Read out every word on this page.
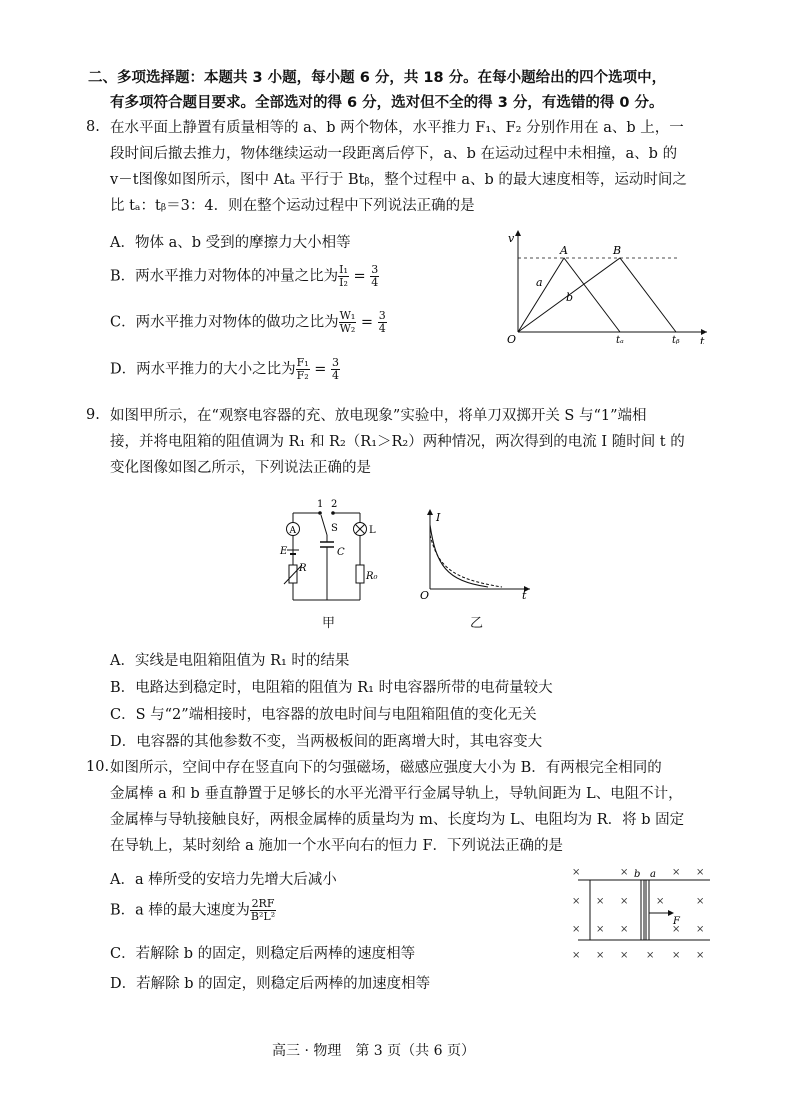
二、多项选择题：本题共 3 小题，每小题 6 分，共 18 分。在每小题给出的四个选项中，
有多项符合题目要求。全部选对的得 6 分，选对但不全的得 3 分，有选错的得 0 分。
8. 在水平面上静置有质量相等的 a、b 两个物体，水平推力 F₁、F₂ 分别作用在 a、b 上，一
段时间后撤去推力，物体继续运动一段距离后停下，a、b 在运动过程中未相撞，a、b 的
v－t图像如图所示，图中 Atₐ 平行于 Btᵦ，整个过程中 a、b 的最大速度相等，运动时间之
比 tₐ：tᵦ＝3：4．则在整个运动过程中下列说法正确的是
A．物体 a、b 受到的摩擦力大小相等
B．两水平推力对物体的冲量之比为 $\frac{\text{I₁}}{\text{I₂}} = \frac{3}{4}$
C．两水平推力对物体的做功之比为 $\frac{\text{W₁}}{\text{W₂}} = \frac{3}{4}$
D．两水平推力的大小之比为 $\frac{\text{F₁}}{\text{F₂}} = \frac{3}{4}$
v
t
O
A	B
a
b
tₐ	tᵦ
9. 如图甲所示，在“观察电容器的充、放电现象”实验中，将单刀双掷开关 S 与“1”端相
接，并将电阻箱的阻值调为 R₁ 和 R₂（R₁＞R₂）两种情况，两次得到的电流 I 随时间 t 的
变化图像如图乙所示，下列说法正确的是
A
1 2
S	L
E	C
R
R₀
甲
I
t
O
乙
A．实线是电阻箱阻值为 R₁ 时的结果
B．电路达到稳定时，电阻箱的阻值为 R₁ 时电容器所带的电荷量较大
C．S 与“2”端相接时，电容器的放电时间与电阻箱阻值的变化无关
D．电容器的其他参数不变，当两极板间的距离增大时，其电容变大
10. 如图所示，空间中存在竖直向下的匀强磁场，磁感应强度大小为 B．有两根完全相同的
金属棒 a 和 b 垂直静置于足够长的水平光滑平行金属导轨上，导轨间距为 L、电阻不计，
金属棒与导轨接触良好，两根金属棒的质量均为 m、长度均为 L、电阻均为 R．将 b 固定
在导轨上，某时刻给 a 施加一个水平向右的恒力 F．下列说法正确的是
A．a 棒所受的安培力先增大后减小
B．a 棒的最大速度为 $\frac{2RF}{\text{B²L²}}$
C．若解除 b 的固定，则稳定后两棒的速度相等
D．若解除 b 的固定，则稳定后两棒的加速度相等
F
b a
×	×	× ×
× × ×	×	×
× × ×	× ×
× × × × × ×
高三 · 物理　第 3 页（共 6 页）
